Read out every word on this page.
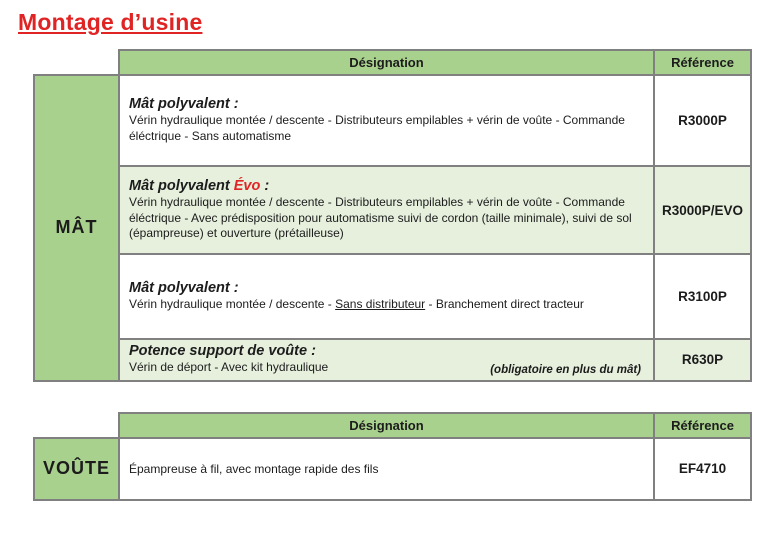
Montage d’usine
	Désignation	Référence
MÂT	Mât polyvalent :
Vérin hydraulique montée / descente - Distributeurs empilables + vérin de voûte - Commande éléctrique - Sans automatisme	R3000P

	Mât polyvalent Évo :
Vérin hydraulique montée / descente - Distributeurs empilables + vérin de voûte - Commande éléctrique - Avec prédisposition pour automatisme suivi de cordon (taille minimale), suivi de sol (épampreuse) et ouverture (prétailleuse)	R3000P/EVO

	Mât polyvalent :
Vérin hydraulique montée / descente - Sans distributeur - Branchement direct tracteur	R3100P

	Potence support de voûte :
Vérin de déport - Avec kit hydraulique (obligatoire en plus du mât)	R630P
	Désignation	Référence
VOÛTE	Épampreuse à fil, avec montage rapide des fils	EF4710
